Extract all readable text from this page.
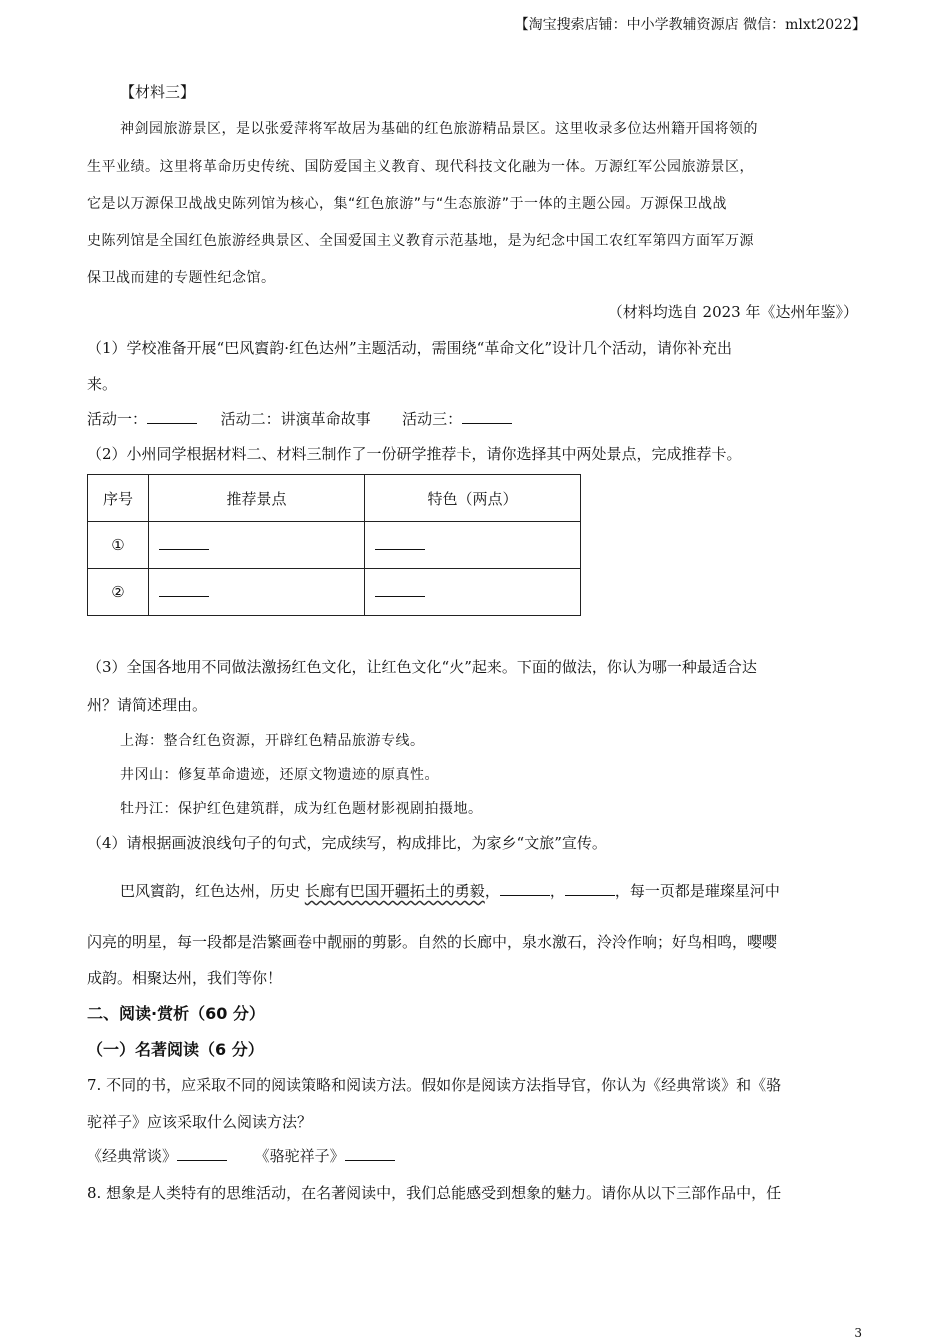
【淘宝搜索店铺：中小学教辅资源店 微信：mlxt2022】
【材料三】
神剑园旅游景区，是以张爱萍将军故居为基础的红色旅游精品景区。这里收录多位达州籍开国将领的
生平业绩。这里将革命历史传统、国防爱国主义教育、现代科技文化融为一体。万源红军公园旅游景区，
它是以万源保卫战战史陈列馆为核心，集“红色旅游”与“生态旅游”于一体的主题公园。万源保卫战战
史陈列馆是全国红色旅游经典景区、全国爱国主义教育示范基地，是为纪念中国工农红军第四方面军万源
保卫战而建的专题性纪念馆。
（材料均选自 2023 年《达州年鉴》）
（1）学校准备开展“巴风賨韵·红色达州”主题活动，需围绕“革命文化”设计几个活动，请你补充出
来。
活动一：	活动二：讲演革命故事 活动三：
（2）小州同学根据材料二、材料三制作了一份研学推荐卡，请你选择其中两处景点，完成推荐卡。
序号	推荐景点	特色（两点）
①		
②		
（3）全国各地用不同做法激扬红色文化，让红色文化“火”起来。下面的做法，你认为哪一种最适合达
州？请简述理由。
上海：整合红色资源，开辟红色精品旅游专线。
井冈山：修复革命遗迹，还原文物遗迹的原真性。
牡丹江：保护红色建筑群，成为红色题材影视剧拍摄地。
（4）请根据画波浪线句子的句式，完成续写，构成排比，为家乡“文旅”宣传。
巴风賨韵，红色达州，历史 长廊有巴国开疆拓土的勇毅，	，	，每一页都是璀璨星河中
闪亮的明星，每一段都是浩繁画卷中靓丽的剪影。自然的长廊中，泉水激石，泠泠作响；好鸟相鸣，嘤嘤
成韵。相聚达州，我们等你！
二、阅读·赏析（60 分）
（一）名著阅读（6 分）
7. 不同的书，应采取不同的阅读策略和阅读方法。假如你是阅读方法指导官，你认为《经典常谈》和《骆
驼祥子》应该采取什么阅读方法？
《经典常谈》	《骆驼祥子》
8. 想象是人类特有的思维活动，在名著阅读中，我们总能感受到想象的魅力。请你从以下三部作品中，任
3
